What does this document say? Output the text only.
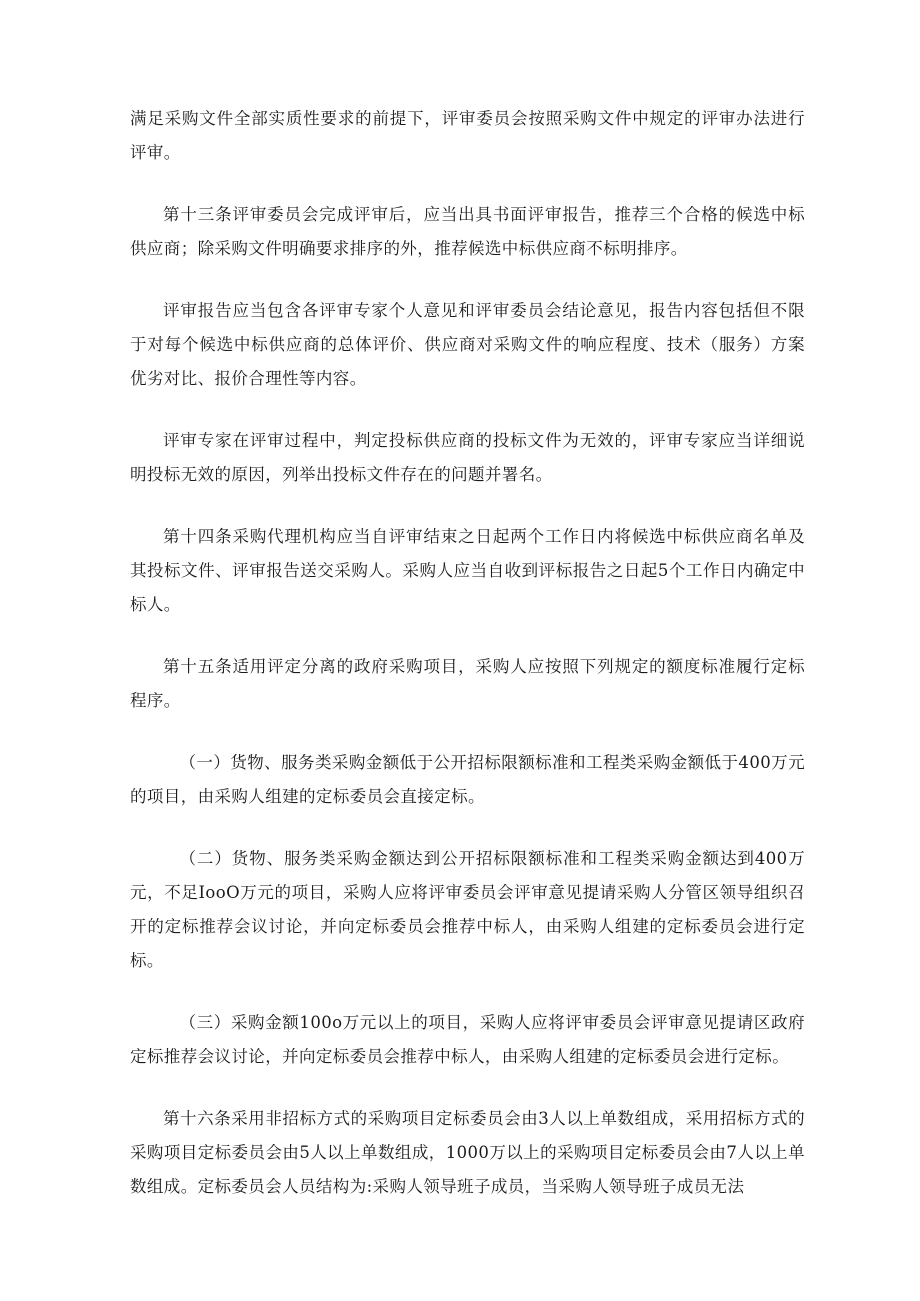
满足采购文件全部实质性要求的前提下，评审委员会按照采购文件中规定的评审办法进行评审。

第十三条评审委员会完成评审后，应当出具书面评审报告，推荐三个合格的候选中标供应商；除采购文件明确要求排序的外，推荐候选中标供应商不标明排序。

评审报告应当包含各评审专家个人意见和评审委员会结论意见，报告内容包括但不限于对每个候选中标供应商的总体评价、供应商对采购文件的响应程度、技术（服务）方案优劣对比、报价合理性等内容。

评审专家在评审过程中，判定投标供应商的投标文件为无效的，评审专家应当详细说明投标无效的原因，列举出投标文件存在的问题并署名。

第十四条采购代理机构应当自评审结束之日起两个工作日内将候选中标供应商名单及其投标文件、评审报告送交采购人。采购人应当自收到评标报告之日起5个工作日内确定中标人。

第十五条适用评定分离的政府采购项目，采购人应按照下列规定的额度标准履行定标程序。

（一）货物、服务类采购金额低于公开招标限额标准和工程类采购金额低于400万元的项目，由采购人组建的定标委员会直接定标。

（二）货物、服务类采购金额达到公开招标限额标准和工程类采购金额达到400万元，不足IooO万元的项目，采购人应将评审委员会评审意见提请采购人分管区领导组织召开的定标推荐会议讨论，并向定标委员会推荐中标人，由采购人组建的定标委员会进行定标。

（三）采购金额100o万元以上的项目，采购人应将评审委员会评审意见提请区政府定标推荐会议讨论，并向定标委员会推荐中标人，由采购人组建的定标委员会进行定标。

第十六条采用非招标方式的采购项目定标委员会由3人以上单数组成，采用招标方式的采购项目定标委员会由5人以上单数组成，1000万以上的采购项目定标委员会由7人以上单数组成。定标委员会人员结构为:采购人领导班子成员，当采购人领导班子成员无法
